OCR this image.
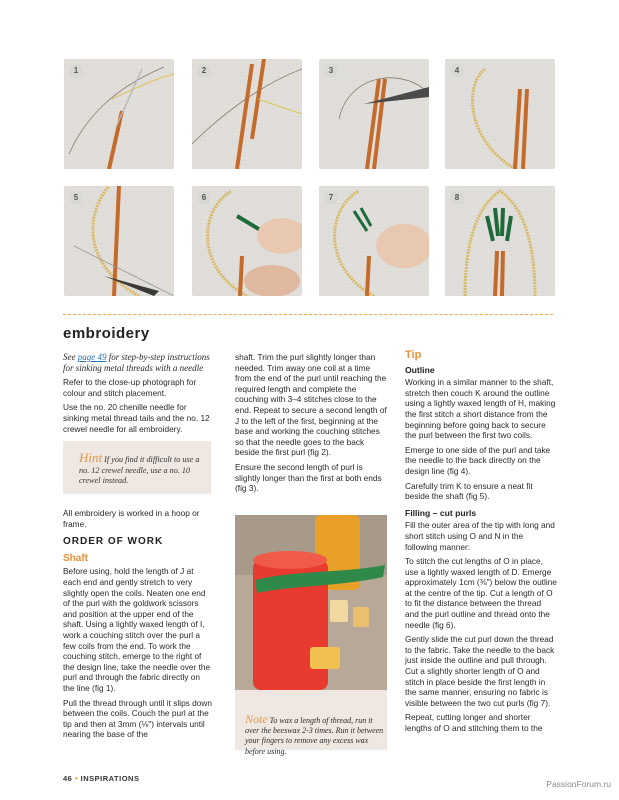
1	2	3	4
5	6	7	8
embroidery

See page 49 for step-by-step instructions for sinking metal threads with a needle

Refer to the close-up photograph for colour and stitch placement.

Use the no. 20 chenille needle for sinking metal thread tails and the no. 12 crewel needle for all embroidery.

Hint If you find it difficult to use a no. 12 crewel needle, use a no. 10 crewel instead.

All embroidery is worked in a hoop or frame.

ORDER OF WORK
Shaft

Before using, hold the length of J at each end and gently stretch to very slightly open the coils. Neaten one end of the purl with the goldwork scissors and position at the upper end of the shaft. Using a lightly waxed length of I, work a couching stitch over the purl a few coils from the end. To work the couching stitch, emerge to the right of the design line, take the needle over the purl and through the fabric directly on the line (fig 1).

Pull the thread through until it slips down between the coils. Couch the purl at the tip and then at 3mm (⅛") intervals until nearing the base of the

shaft. Trim the purl slightly longer than needed. Trim away one coil at a time from the end of the purl until reaching the required length and complete the couching with 3–4 stitches close to the end. Repeat to secure a second length of J to the left of the first, beginning at the base and working the couching stitches so that the needle goes to the back beside the first purl (fig 2).

Ensure the second length of purl is slightly longer than the first at both ends (fig 3).

Note To wax a length of thread, run it over the beeswax 2-3 times. Run it between your fingers to remove any excess wax before using.
Tip
Outline

Working in a similar manner to the shaft, stretch then couch K around the outline using a lightly waxed length of H, making the first stitch a short distance from the beginning before going back to secure the purl between the first two coils.

Emerge to one side of the purl and take the needle to the back directly on the design line (fig 4).

Carefully trim K to ensure a neat fit beside the shaft (fig 5).

Filling – cut purls

Fill the outer area of the tip with long and short stitch using O and N in the following manner:

To stitch the cut lengths of O in place, use a lightly waxed length of D. Emerge approximately 1cm (⅜") below the outline at the centre of the tip. Cut a length of O to fit the distance between the thread and the purl outline and thread onto the needle (fig 6).

Gently slide the cut purl down the thread to the fabric. Take the needle to the back just inside the outline and pull through. Cut a slightly shorter length of O and stitch in place beside the first length in the same manner, ensuring no fabric is visible between the two cut purls (fig 7).

Repeat, cutting longer and shorter lengths of O and stitching them to the

46 • INSPIRATIONS
PassionForum.ru
